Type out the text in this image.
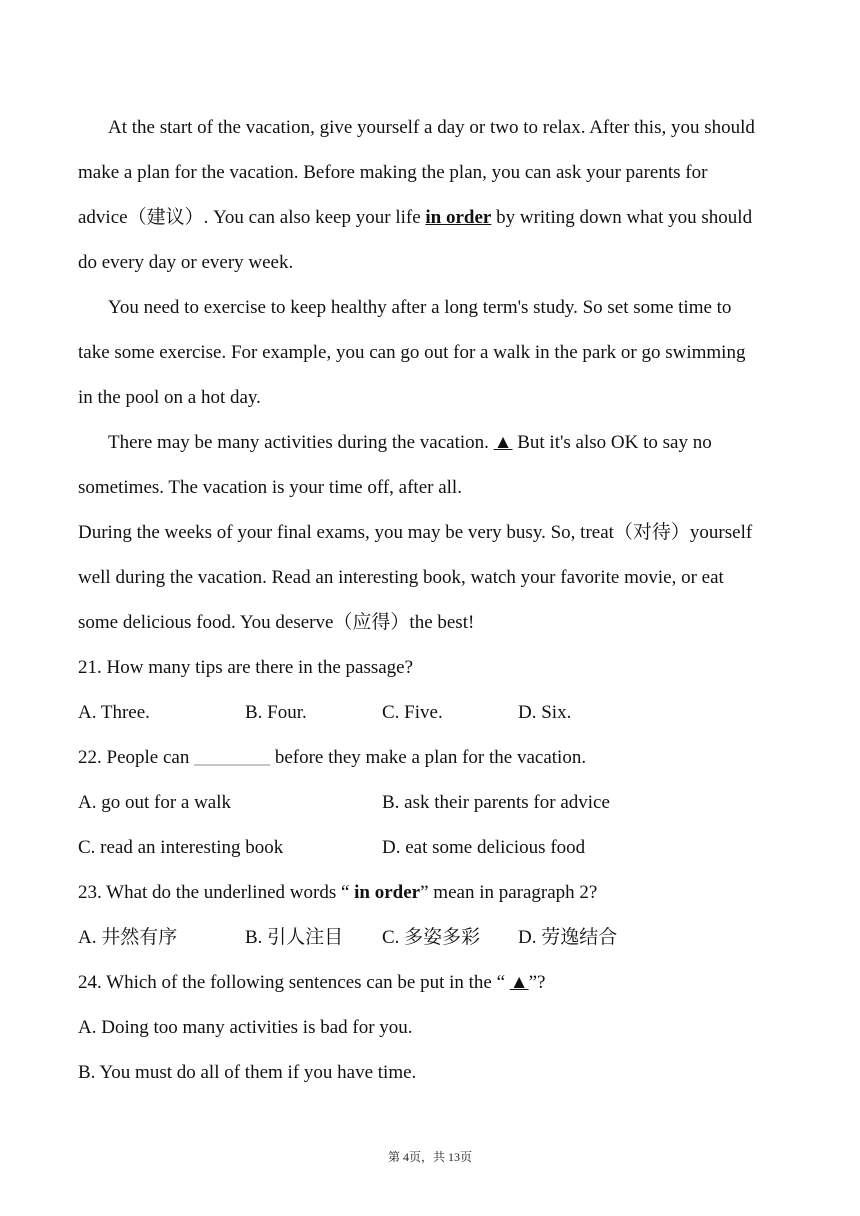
At the start of the vacation, give yourself a day or two to relax. After this, you should
make a plan for the vacation. Before making the plan, you can ask your parents for
advice（建议）. You can also keep your life in order by writing down what you should
do every day or every week.
You need to exercise to keep healthy after a long term's study. So set some time to
take some exercise. For example, you can go out for a walk in the park or go swimming
in the pool on a hot day.
There may be many activities during the vacation. ▲ But it's also OK to say no
sometimes. The vacation is your time off, after all.
During the weeks of your final exams, you may be very busy. So, treat（对待）yourself
well during the vacation. Read an interesting book, watch your favorite movie, or eat
some delicious food. You deserve（应得）the best!
21. How many tips are there in the passage?
A. Three.	B. Four.	C. Five.	D. Six.
22. People can ________ before they make a plan for the vacation.
A. go out for a walk	B. ask their parents for advice
C. read an interesting book	D. eat some delicious food
23. What do the underlined words “ in order” mean in paragraph 2?
A. 井然有序	B. 引人注目 C. 多姿多彩 D. 劳逸结合
24. Which of the following sentences can be put in the “ ▲”?
A. Doing too many activities is bad for you.
B. You must do all of them if you have time.
第 4页，共 13页
